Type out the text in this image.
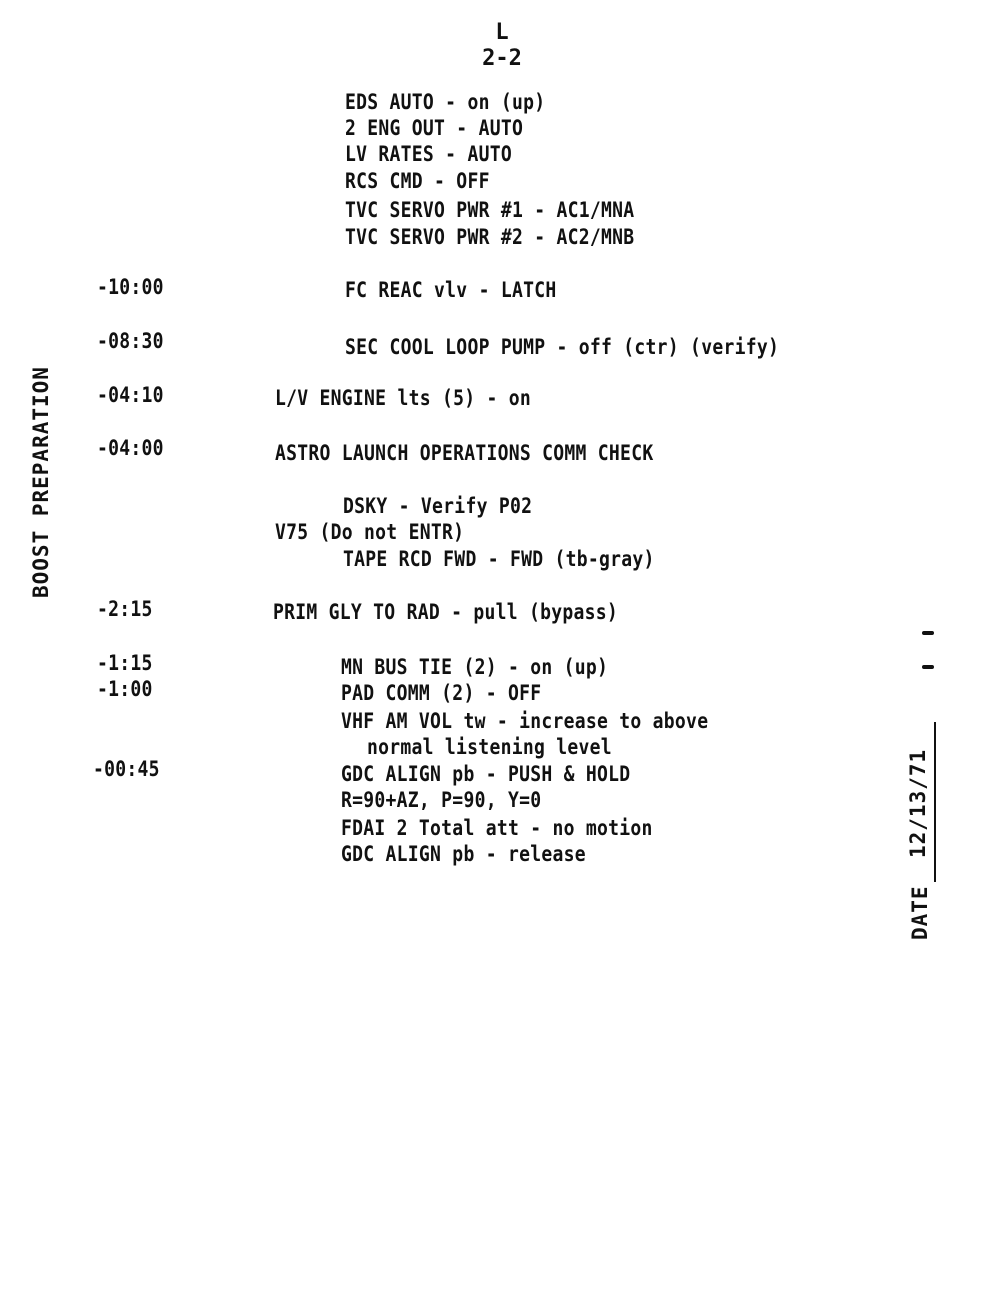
L
2-2
BOOST PREPARATION
EDS AUTO - on (up)
2 ENG OUT - AUTO
LV RATES - AUTO
RCS CMD - OFF
TVC SERVO PWR #1 - AC1/MNA
TVC SERVO PWR #2 - AC2/MNB
-10:00	FC REAC vlv - LATCH
-08:30	SEC COOL LOOP PUMP - off (ctr) (verify)
-04:10	L/V ENGINE lts (5) - on
-04:00	ASTRO LAUNCH OPERATIONS COMM CHECK
DSKY - Verify P02
V75 (Do not ENTR)
TAPE RCD FWD - FWD (tb-gray)
-2:15	PRIM GLY TO RAD - pull (bypass)
-1:15	MN BUS TIE (2) - on (up)
-1:00	PAD COMM (2) - OFF
VHF AM VOL tw - increase to above
normal listening level
-00:45	GDC ALIGN pb - PUSH & HOLD
R=90+AZ, P=90, Y=0
FDAI 2 Total att - no motion
GDC ALIGN pb - release
DATE
12/13/71
